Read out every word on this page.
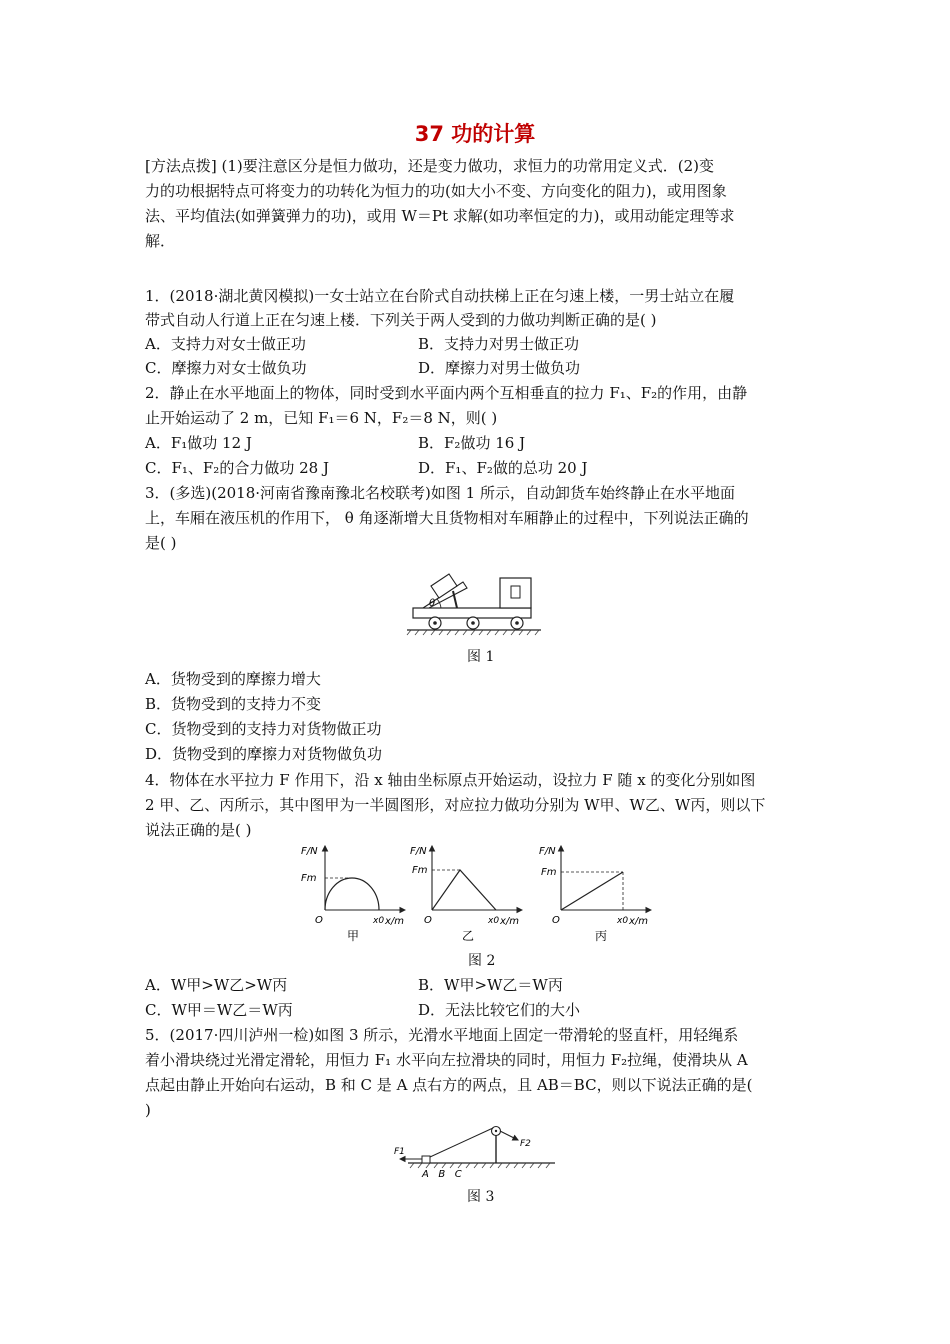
37 功的计算
[方法点拨] (1)要注意区分是恒力做功，还是变力做功，求恒力的功常用定义式．(2)变
力的功根据特点可将变力的功转化为恒力的功(如大小不变、方向变化的阻力)，或用图象
法、平均值法(如弹簧弹力的功)，或用 W＝Pt 求解(如功率恒定的力)，或用动能定理等求
解．
1．(2018·湖北黄冈模拟)一女士站立在台阶式自动扶梯上正在匀速上楼，一男士站立在履
带式自动人行道上正在匀速上楼．下列关于两人受到的力做功判断正确的是( )
A．支持力对女士做正功	B．支持力对男士做正功
C．摩擦力对女士做负功	D．摩擦力对男士做负功
2．静止在水平地面上的物体，同时受到水平面内两个互相垂直的拉力 F₁、F₂的作用，由静
止开始运动了 2 m，已知 F₁＝6 N，F₂＝8 N，则( )
A．F₁做功 12 J	B．F₂做功 16 J
C．F₁、F₂的合力做功 28 J	D．F₁、F₂做的总功 20 J
3．(多选)(2018·河南省豫南豫北名校联考)如图 1 所示，自动卸货车始终静止在水平地面
上，车厢在液压机的作用下， θ 角逐渐增大且货物相对车厢静止的过程中，下列说法正确的
是( )
θ
图 1
A．货物受到的摩擦力增大
B．货物受到的支持力不变
C．货物受到的支持力对货物做正功
D．货物受到的摩擦力对货物做负功
4．物体在水平拉力 F 作用下，沿 x 轴由坐标原点开始运动，设拉力 F 随 x 的变化分别如图
2 甲、乙、丙所示，其中图甲为一半圆图形，对应拉力做功分别为 W甲、W乙、W丙，则以下
说法正确的是( )
F/N
Fm
O	x0 x/m
甲
F/N
Fm
O	x0 x/m
乙
F/N
Fm
O	x0 x/m
丙
图 2
A．W甲>W乙>W丙	B．W甲>W乙＝W丙
C．W甲＝W乙＝W丙	D．无法比较它们的大小
5．(2017·四川泸州一检)如图 3 所示，光滑水平地面上固定一带滑轮的竖直杆，用轻绳系
着小滑块绕过光滑定滑轮，用恒力 F₁ 水平向左拉滑块的同时，用恒力 F₂拉绳，使滑块从 A
点起由静止开始向右运动，B 和 C 是 A 点右方的两点，且 AB＝BC，则以下说法正确的是(
)
F1
F2
A   B   C
图 3
